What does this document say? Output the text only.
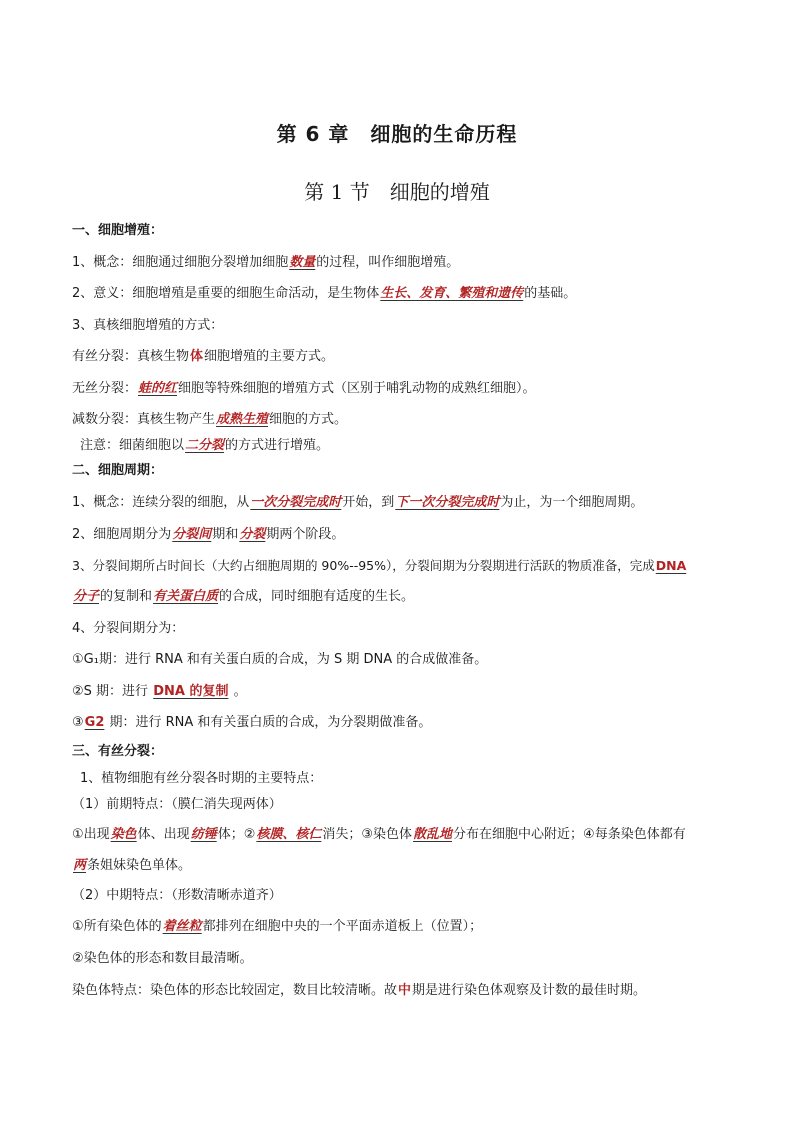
第 6 章　细胞的生命历程
第 1 节　细胞的增殖
一、细胞增殖：
1、概念：细胞通过细胞分裂增加细胞数量的过程，叫作细胞增殖。
2、意义：细胞增殖是重要的细胞生命活动，是生物体生长、发育、繁殖和遗传的基础。
3、真核细胞增殖的方式：
有丝分裂：真核生物体细胞增殖的主要方式。
无丝分裂：蛙的红细胞等特殊细胞的增殖方式（区别于哺乳动物的成熟红细胞）。
减数分裂：真核生物产生成熟生殖细胞的方式。
注意：细菌细胞以二分裂的方式进行增殖。
二、细胞周期：
1、概念：连续分裂的细胞，从一次分裂完成时开始，到下一次分裂完成时为止，为一个细胞周期。
2、细胞周期分为分裂间期和分裂期两个阶段。
3、分裂间期所占时间长（大约占细胞周期的 90%--95%），分裂间期为分裂期进行活跃的物质准备，完成DNA
分子的复制和有关蛋白质的合成，同时细胞有适度的生长。
4、分裂间期分为：
①G₁期：进行 RNA 和有关蛋白质的合成，为 S 期 DNA 的合成做准备。
②S 期：进行 DNA 的复制 。
③G2 期：进行 RNA 和有关蛋白质的合成，为分裂期做准备。
三、有丝分裂：
1、植物细胞有丝分裂各时期的主要特点：
（1）前期特点：（膜仁消失现两体）
①出现染色体、出现纺锤体；②核膜、核仁消失；③染色体散乱地分布在细胞中心附近；④每条染色体都有
两条姐妹染色单体。
（2）中期特点：（形数清晰赤道齐）
①所有染色体的着丝粒都排列在细胞中央的一个平面赤道板上（位置）；
②染色体的形态和数目最清晰。
染色体特点：染色体的形态比较固定，数目比较清晰。故中期是进行染色体观察及计数的最佳时期。
